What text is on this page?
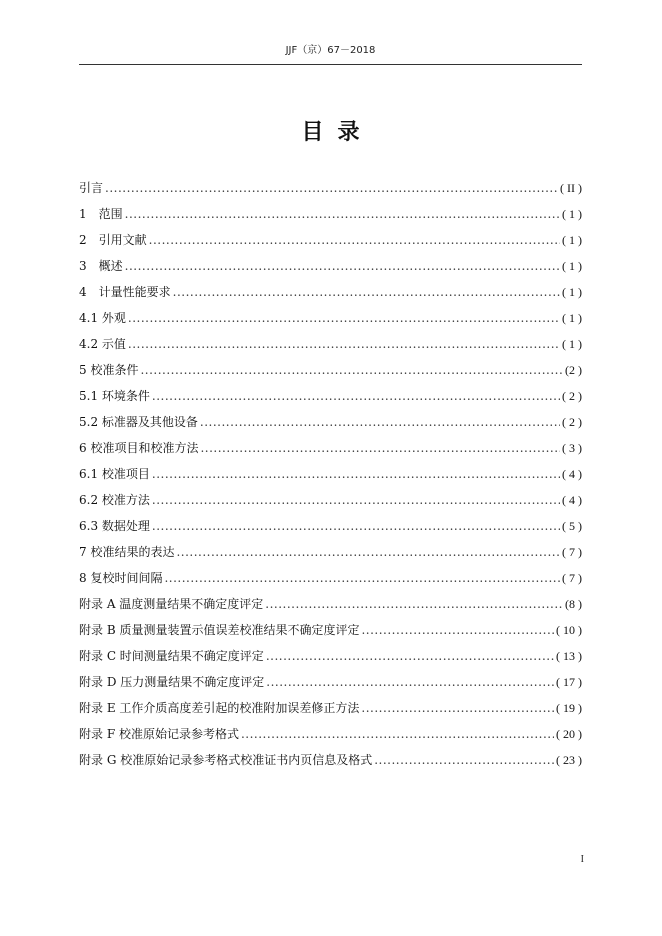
JJF（京）67－2018
目录
引言 .....	( II )
1　范围 .....	( 1 )
2　引用文献 .....	( 1 )
3　概述 .....	( 1 )
4　计量性能要求 .....	( 1 )
4.1 外观 .....	( 1 )
4.2 示值 .....	( 1 )
5 校准条件 .....	(2 )
5.1 环境条件 .....	( 2 )
5.2 标准器及其他设备 .....	( 2 )
6 校准项目和校准方法 .....	( 3 )
6.1 校准项目 .....	( 4 )
6.2 校准方法 .....	( 4 )
6.3 数据处理 .....	( 5 )
7 校准结果的表达 .....	( 7 )
8 复校时间间隔 .....	( 7 )
附录 A 温度测量结果不确定度评定 .....	(8 )
附录 B 质量测量装置示值误差校准结果不确定度评定 .....	( 10 )
附录 C 时间测量结果不确定度评定 .....	( 13 )
附录 D 压力测量结果不确定度评定 .....	( 17 )
附录 E 工作介质高度差引起的校准附加误差修正方法 .....	( 19 )
附录 F 校准原始记录参考格式 .....	( 20 )
附录 G 校准原始记录参考格式校准证书内页信息及格式 .....	( 23 )
I
